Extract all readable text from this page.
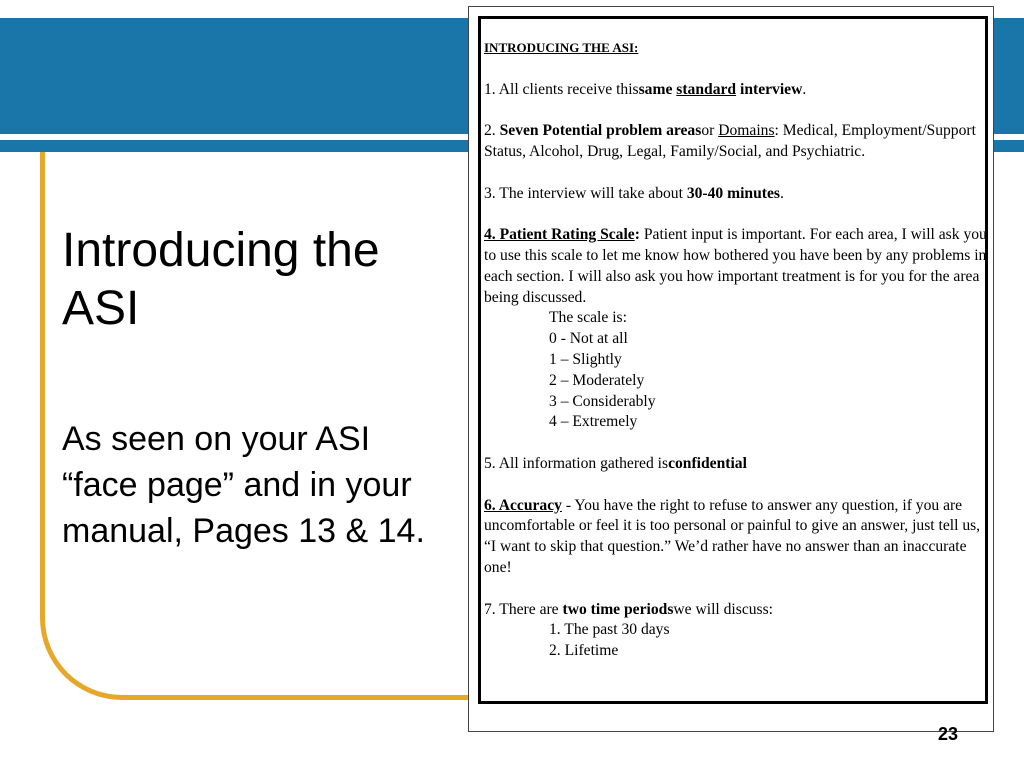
Introducing the ASI

As seen on your ASI “face page” and in your manual, Pages 13 & 14.

INTRODUCING THE ASI:

1. All clients receive thissame standard interview.

2. Seven Potential problem areasor Domains: Medical, Employment/Support Status, Alcohol, Drug, Legal, Family/Social, and Psychiatric.

3. The interview will take about 30-40 minutes.

4. Patient Rating Scale: Patient input is important. For each area, I will ask you to use this scale to let me know how bothered you have been by any problems in each section. I will also ask you how important treatment is for you for the area being discussed.

The scale is:

0 - Not at all

1 – Slightly

2 – Moderately

3 – Considerably

4 – Extremely

5. All information gathered isconfidential

6. Accuracy - You have the right to refuse to answer any question, if you are uncomfortable or feel it is too personal or painful to give an answer, just tell us, “I want to skip that question.” We’d rather have no answer than an inaccurate one!

7. There are two time periodswe will discuss:

1. The past 30 days

2. Lifetime

23
